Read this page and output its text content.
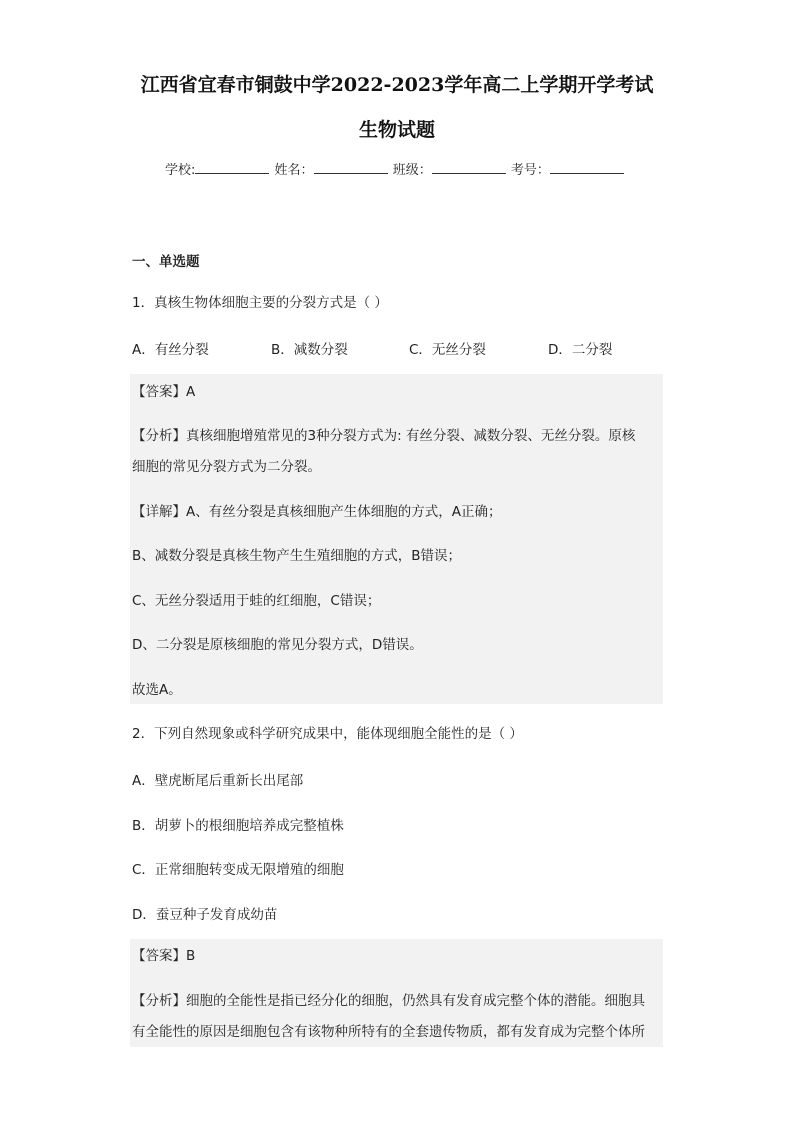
江西省宜春市铜鼓中学2022-2023学年高二上学期开学考试
生物试题
学校:	姓名：	班级：	考号：
一、单选题
1．真核生物体细胞主要的分裂方式是（ ）
A．有丝分裂	B．减数分裂	C．无丝分裂	D．二分裂
【答案】A
【分析】真核细胞增殖常见的3种分裂方式为: 有丝分裂、减数分裂、无丝分裂。原核
细胞的常见分裂方式为二分裂。
【详解】A、有丝分裂是真核细胞产生体细胞的方式，A正确；
B、减数分裂是真核生物产生生殖细胞的方式，B错误；
C、无丝分裂适用于蛙的红细胞，C错误；
D、二分裂是原核细胞的常见分裂方式，D错误。
故选A。
2．下列自然现象或科学研究成果中，能体现细胞全能性的是（ ）
A．壁虎断尾后重新长出尾部
B．胡萝卜的根细胞培养成完整植株
C．正常细胞转变成无限增殖的细胞
D．蚕豆种子发育成幼苗
【答案】B
【分析】细胞的全能性是指已经分化的细胞，仍然具有发育成完整个体的潜能。细胞具
有全能性的原因是细胞包含有该物种所特有的全套遗传物质，都有发育成为完整个体所
